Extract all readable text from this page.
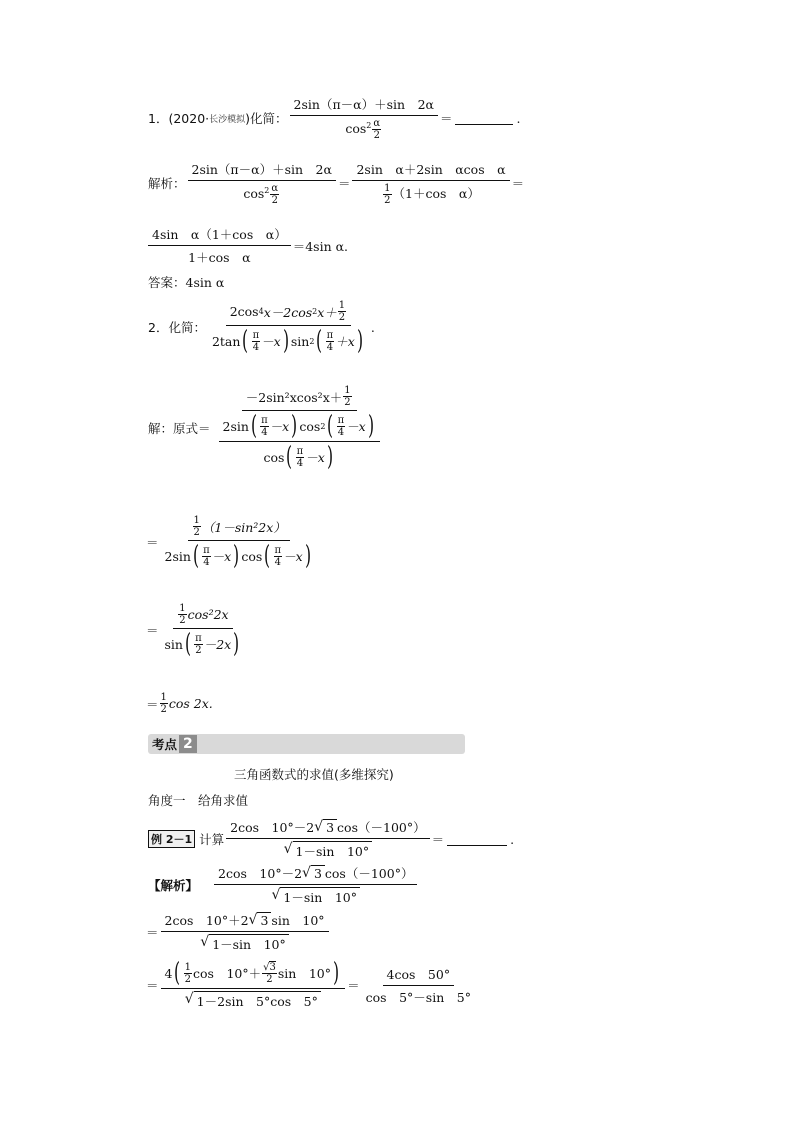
1．(2020· 长沙模拟 )化简： $\frac{2\sin(\pi-\alpha)+\sin 2\alpha}{\cos^2 \frac{\alpha}{2}}$ ＝	.
解析： $\frac{2\sin(\pi-\alpha)+\sin 2\alpha}{\cos^2 \frac{\alpha}{2}} = \frac{\text{2sin　α＋2sin　αcos　α}}{\frac{1}{2} (1+\cos \alpha)}$ ＝
$\frac{\text{4sin　α（1＋cos　α）}}{\text{1＋cos　α}} =4\sin$ α.
答案： 4sin α
2．化简： $\frac{2\cos 4 x-2\cos 2 x+ \frac{1}{2}}{2\tan ( \frac{\pi}{4} -x ) \sin 2 ( \frac{\pi}{4} +x )}$ .
解：原式＝
$-2\sin^2xcos^2x+ \frac{1}{2}$
$\frac{2\sin ( \frac{\pi}{4} -x ) \cos 2 ( \frac{\pi}{4} -x )}{\cos ( \frac{\pi}{4} -x )}$
＝ $\frac{\frac{1}{2} (1-\sin^22x)}{2\sin ( \frac{\pi}{4} -x ) \cos ( \frac{\pi}{4} -x )}$
＝ $\frac{\frac{1}{2} \cos^22x}{\sin ( \frac{\pi}{2} -2x )}$
＝ $\frac{1}{2}$ cos 2x.
考点 2
三角函数式的求值(多维探究)
角度一　给角求值
例 2－1 计算 $\frac{2\cos 10^\circ-2 √ 3 \cos(-100^\circ)}{√ 1-\sin 10^\circ}$ ＝	.
【解析】 $\frac{2\cos 10^\circ-2 √ 3 \cos(-100^\circ)}{√ 1-\sin 10^\circ}$
＝ $\frac{2\cos 10^\circ+2 √ 3 \sin 10^\circ}{√ 1-\sin 10^\circ}$
＝ $\frac{4 ( \frac{1}{2} \cos 10^\circ+ \frac{√3}{2} \sin 10^\circ )}{√ 1-2\sin 5^\circ\cos 5^\circ} = \frac{4\cos 50^\circ}{\cos 5^\circ-\sin 5^\circ}$
